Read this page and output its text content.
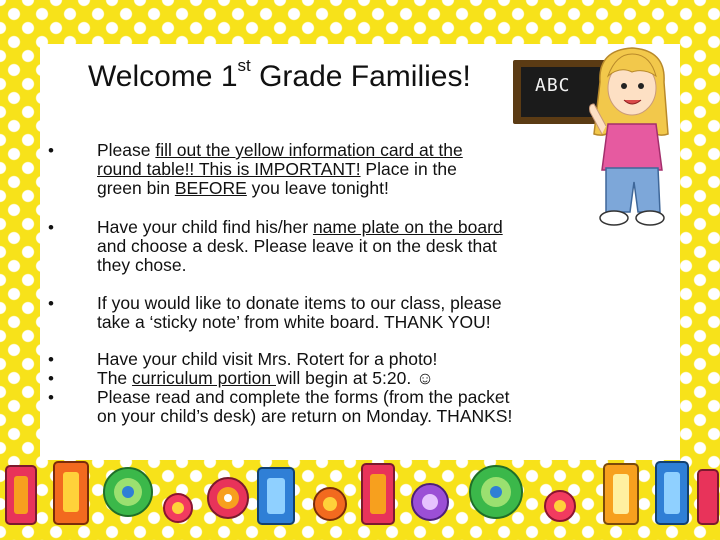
Welcome 1st Grade Families!	ABC
• Please fill out the yellow information card at the
round table!! This is IMPORTANT! Place in the
green bin BEFORE you leave tonight!
• Have your child find his/her name plate on the board
and choose a desk. Please leave it on the desk that
they chose.
• If you would like to donate items to our class, please
take a ‘sticky note’ from white board. THANK YOU!
• Have your child visit Mrs. Rotert for a photo!
• The curriculum portion will begin at 5:20. ☺
• Please read and complete the forms (from the packet
on your child’s desk) are return on Monday. THANKS!
